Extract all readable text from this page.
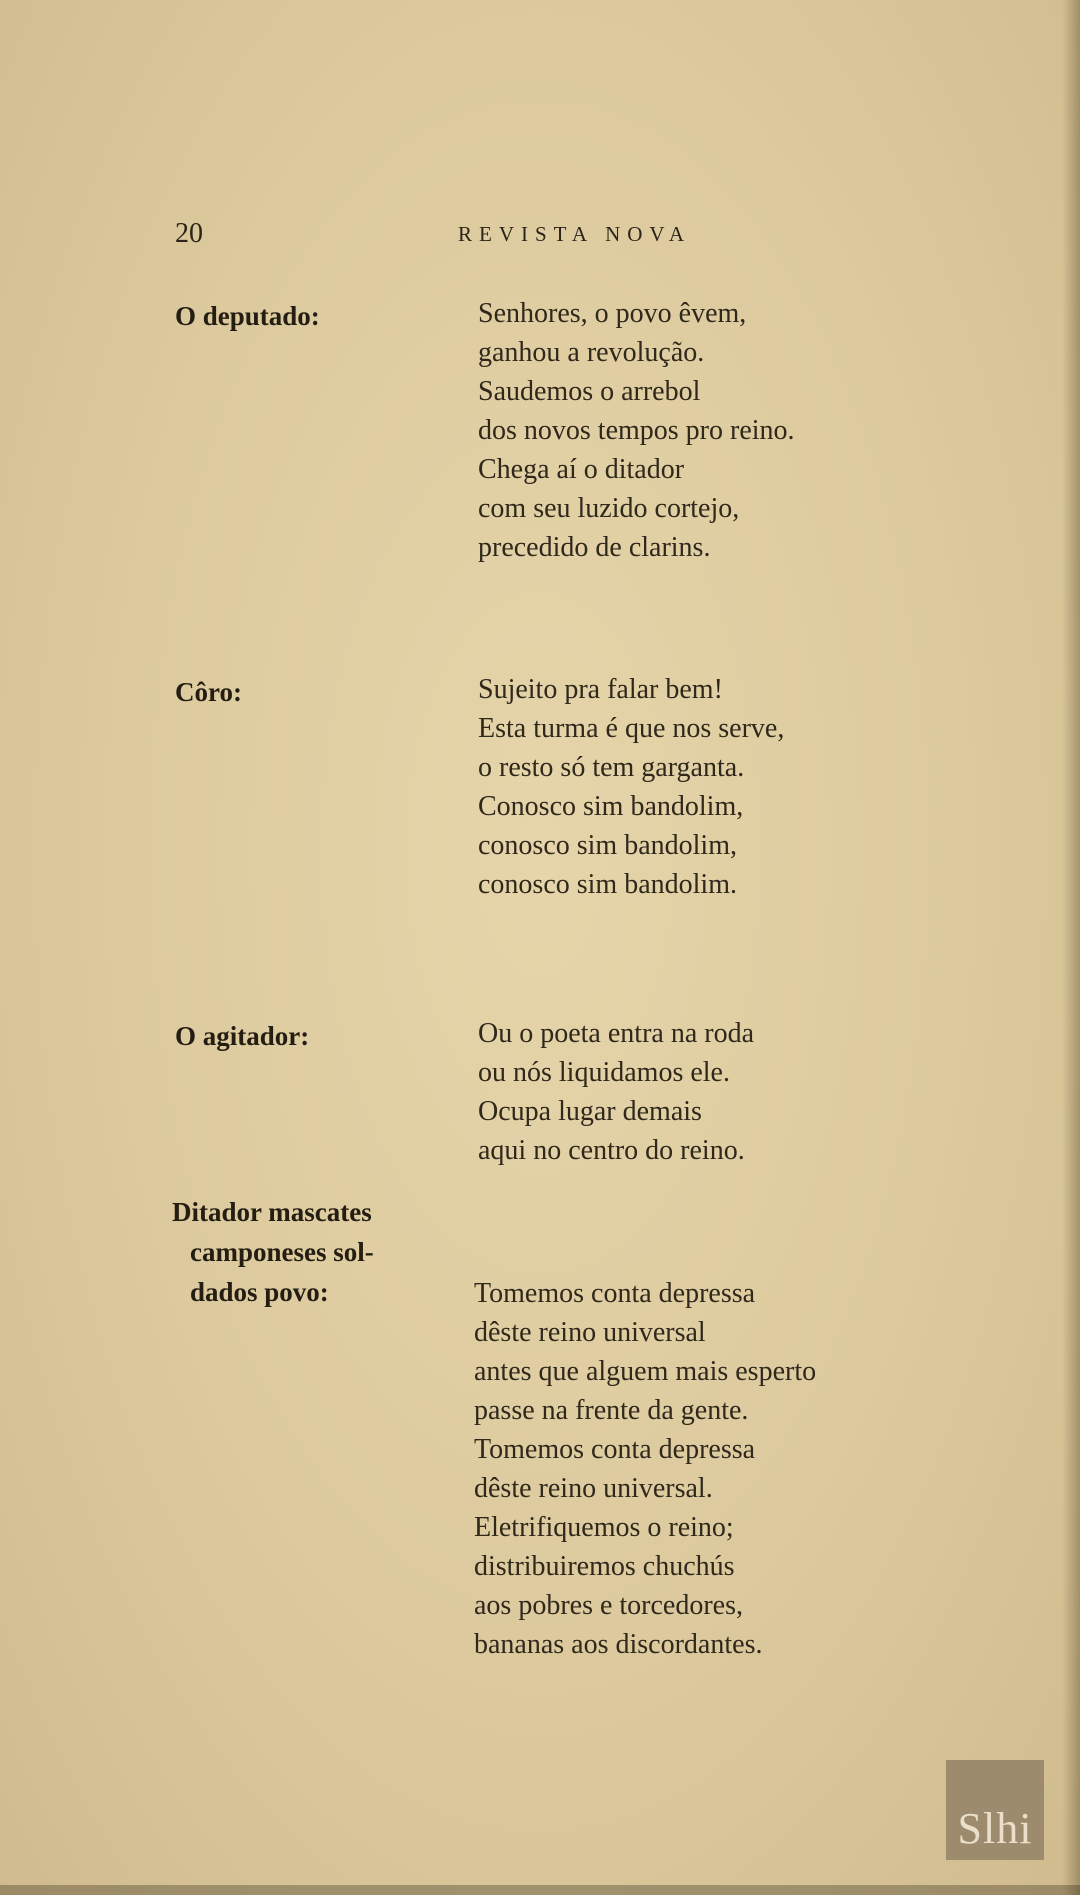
20	REVISTA NOVA
O deputado:	Senhores, o povo êvem,
ganhou a revolução.
Saudemos o arrebol
dos novos tempos pro reino.
Chega aí o ditador
com seu luzido cortejo,
precedido de clarins.
Côro:	Sujeito pra falar bem!
Esta turma é que nos serve,
o resto só tem garganta.
Conosco sim bandolim,
conosco sim bandolim,
conosco sim bandolim.
O agitador:	Ou o poeta entra na roda
ou nós liquidamos ele.
Ocupa lugar demais
aqui no centro do reino.
Ditador mascates
camponeses sol-
dados povo:	Tomemos conta depressa
dêste reino universal
antes que alguem mais esperto
passe na frente da gente.
Tomemos conta depressa
dêste reino universal.
Eletrifiquemos o reino;
distribuiremos chuchús
aos pobres e torcedores,
bananas aos discordantes.
Slhi
